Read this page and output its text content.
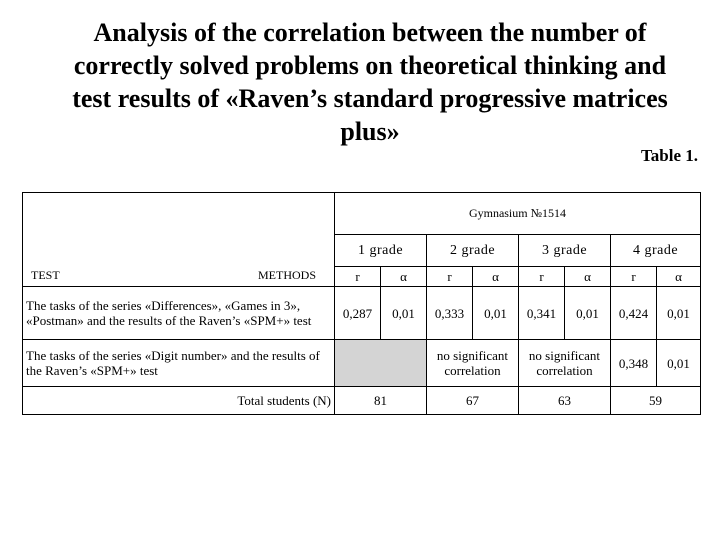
Analysis of the correlation between the number of
correctly solved problems on theoretical thinking and
test results of «Raven’s standard progressive matrices
plus»
Table 1.
	Gymnasium №1514							
	1 grade		2 grade		3 grade		4 grade	

TEST METHODS	r	α	r	α	r	α	r	α
The tasks of the series «Differences», «Games in 3», «Postman» and the results of the Raven’s «SPM+» test	0,287	0,01	0,333	0,01	0,341	0,01	0,424	0,01
The tasks of the series «Digit number» and the results of the Raven’s «SPM+» test			no significant correlation		no significant correlation		0,348	0,01
Total students (N)	81		67		63		59	
